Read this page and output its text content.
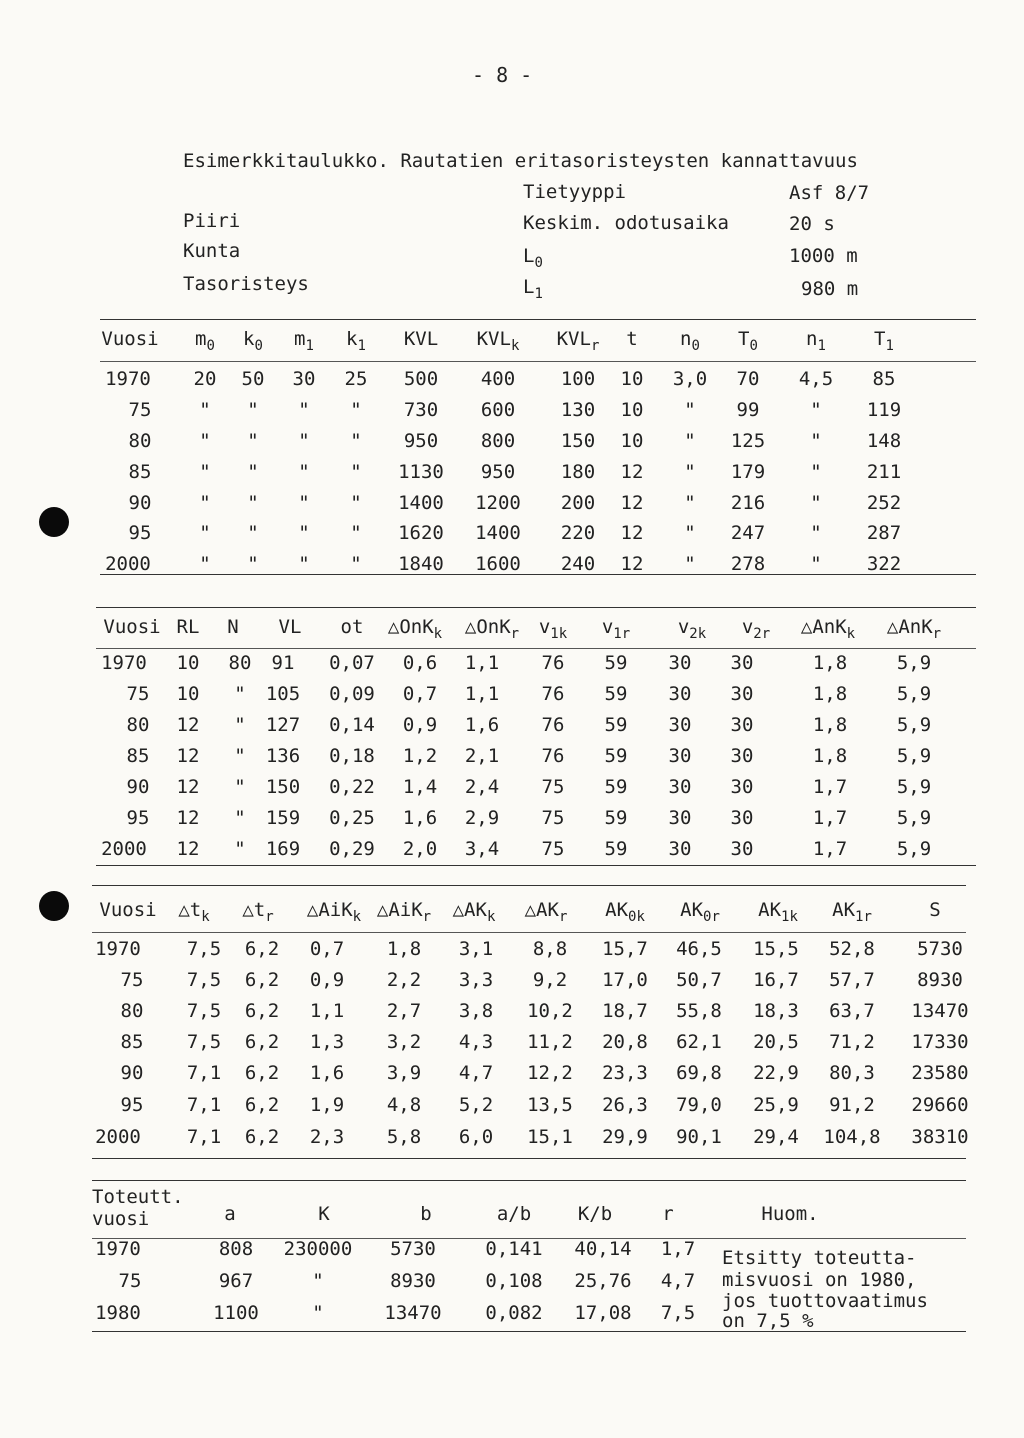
- 8 -
Esimerkkitaulukko. Rautatien eritasoristeysten kannattavuus
Tietyyppi	Asf 8/7
Piiri	Keskim. odotusaika	20 s
Kunta	$L_0$	1000 m
Tasoristeys	$L_1$	980 m
Vuosi $m_0$ $k_0$ $m_1$ $k_1$ KVL $KVL_k$ $KVL_r$ t $n_0$ $T_0$	$n_1$	$T_1$
1970 20 50 30 25 500 400 100 10 3,0 70 4,5 85
75	" " " " 730 600 130 10 " 99	" 119
80	" " " " 950 800 150 10 " 125 " 148
85	" " " " 1130 950 180 12 " 179 " 211
90	" " " " 1400 1200 200 12 " 216 " 252
95	" " " " 1620 1400 220 12 " 247 " 287
2000	" " " " 1840 1600 240 12 " 278 " 322
Vuosi RL N VL ot △OnK$_k$ △OnK$_r$ $v_{1k}$ $v_{1r}$	$v_{2k}$ $v_{2r}$ △AnK$_k$ △AnK$_r$
1970 10 80 91 0,07 0,6 1,1 76 59 30 30	1,8	5,9
75 10 " 105 0,09 0,7 1,1 76 59 30 30	1,8	5,9
80 12 " 127 0,14 0,9 1,6 76 59 30 30	1,8	5,9
85 12 " 136 0,18 1,2 2,1 76 59 30 30	1,8	5,9
90 12 " 150 0,22 1,4 2,4 75 59 30 30	1,7	5,9
95 12 " 159 0,25 1,6 2,9 75 59 30 30	1,7	5,9
2000 12 " 169 0,29 2,0 3,4 75 59 30 30	1,7	5,9
Vuosi $\triangle t_k$ $\triangle t_r$ △AiK$_k$ △AiK$_r$ $\triangle AK_k$ $\triangle AK_r$ $AK_{0k}$ $AK_{0r}$ $AK_{1k}$ $AK_{1r}$	S
1970 7,5 6,2 0,7 1,8 3,1 8,8 15,7 46,5 15,5 52,8 5730
75 7,5 6,2 0,9 2,2 3,3 9,2 17,0 50,7 16,7 57,7 8930
80 7,5 6,2 1,1 2,7 3,8 10,2 18,7 55,8 18,3 63,7 13470
85 7,5 6,2 1,3 3,2 4,3 11,2 20,8 62,1 20,5 71,2 17330
90 7,1 6,2 1,6 3,9 4,7 12,2 23,3 69,8 22,9 80,3 23580
95 7,1 6,2 1,9 4,8 5,2 13,5 26,3 79,0 25,9 91,2 29660
2000 7,1 6,2 2,3 5,8 6,0 15,1 29,9 90,1 29,4 104,8 38310
Toteutt.
vuosi	a	K	b	a/b K/b	r	Huom.
1970	808 230000 5730	0,141 40,14 1,7
75	967	"	8930	0,108 25,76 4,7
1980	1100	"	13470 0,082 17,08 7,5
Etsitty toteutta-
misvuosi on 1980,
jos tuottovaatimus
on 7,5 %
